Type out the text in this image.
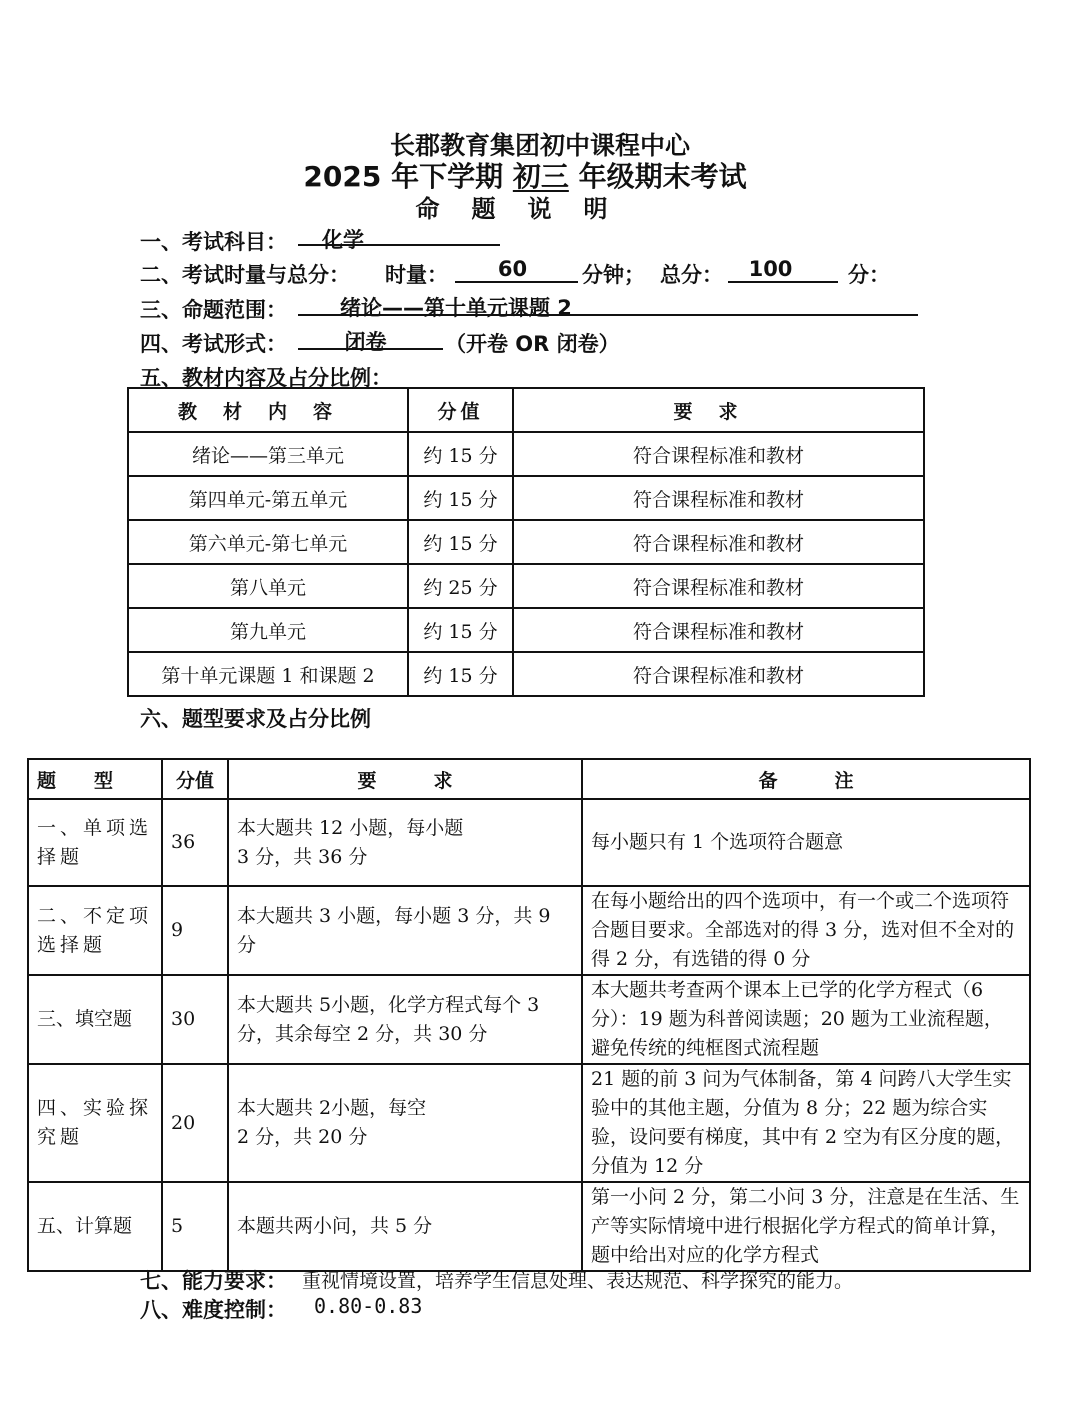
长郡教育集团初中课程中心
2025 年下学期 初三 年级期末考试
命题说明
一、考试科目：	化学
二、考试时量与总分： 时量：	60	分钟； 总分：	100	分：
三、命题范围：	绪论——第十单元课题 2
四、考试形式：	闭卷	（开卷 OR 闭卷）
五、教材内容及占分比例：
教材内容	分值	要求
绪论——第三单元	约 15 分	符合课程标准和教材
第四单元-第五单元	约 15 分	符合课程标准和教材
第六单元-第七单元	约 15 分	符合课程标准和教材
第八单元	约 25 分	符合课程标准和教材
第九单元	约 15 分	符合课程标准和教材
第十单元课题 1 和课题 2	约 15 分	符合课程标准和教材
六、题型要求及占分比例
题　　型	分值	要　　　求	备　　　注
一、单项选择题	36	本大题共 12 小题，每小题 3 分，共 36 分	每小题只有 1 个选项符合题意
二、不定项选择题	9	本大题共 3 小题，每小题 3 分，共 9 分	在每小题给出的四个选项中，有一个或二个选项符合题目要求。全部选对的得 3 分，选对但不全对的得 2 分，有选错的得 0 分
三、填空题	30	本大题共 5小题，化学方程式每个 3 分，其余每空 2 分，共 30 分	本大题共考查两个课本上已学的化学方程式（6 分）：19 题为科普阅读题；20 题为工业流程题，避免传统的纯框图式流程题
四、实验探究题	20	本大题共 2小题，每空 2 分，共 20 分	21 题的前 3 问为气体制备，第 4 问跨八大学生实验中的其他主题，分值为 8 分；22 题为综合实验，设问要有梯度，其中有 2 空为有区分度的题，分值为 12 分
五、计算题	5	本题共两小问，共 5 分	第一小问 2 分，第二小问 3 分，注意是在生活、生产等实际情境中进行根据化学方程式的简单计算，题中给出对应的化学方程式
七、能力要求： 重视情境设置，培养学生信息处理、表达规范、科学探究的能力。
八、难度控制： 0.80-0.83
